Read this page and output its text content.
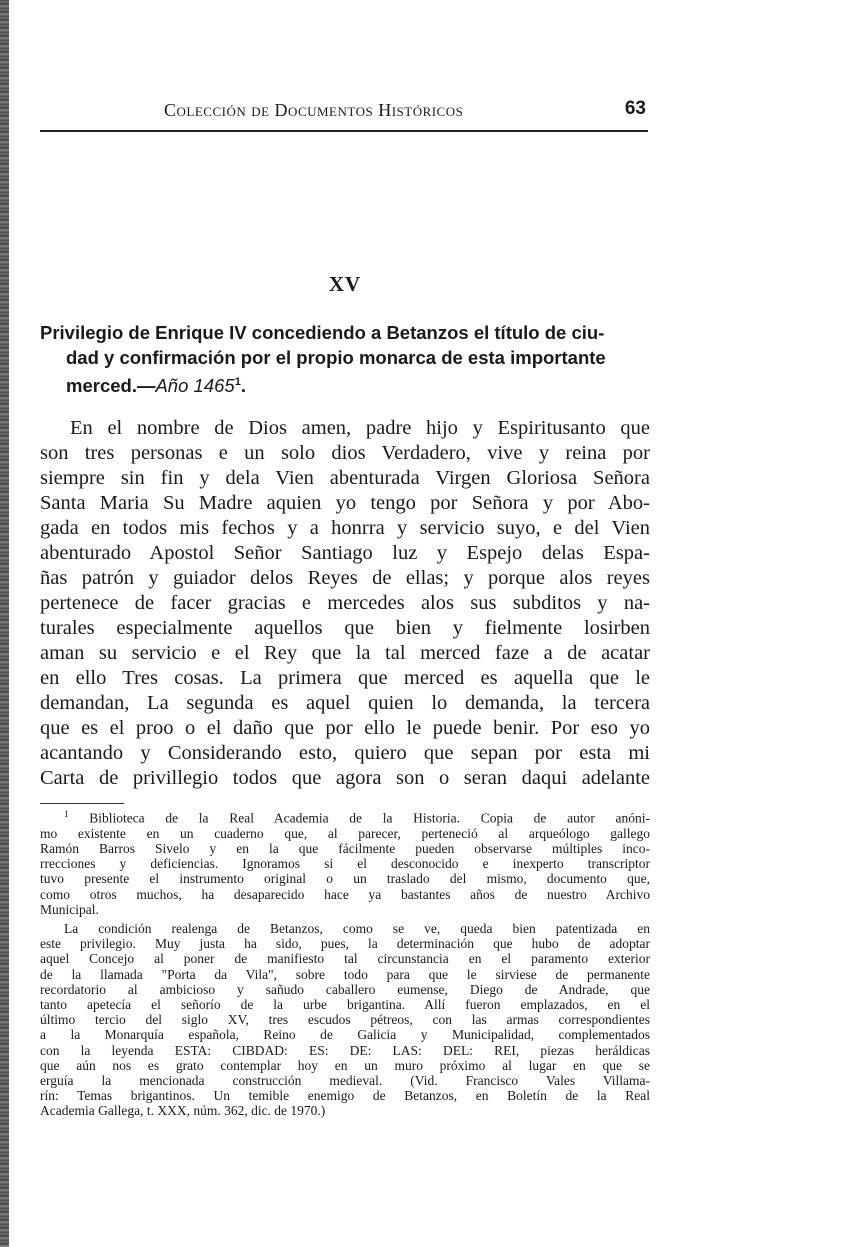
Colección de Documentos Históricos	63
XV
Privilegio de Enrique IV concediendo a Betanzos el título de ciu-
dad y confirmación por el propio monarca de esta importante
merced.—Año 1465$^1$.
En el nombre de Dios amen, padre hijo y Espiritusanto que
son tres personas e un solo dios Verdadero, vive y reina por
siempre sin fin y dela Vien abenturada Virgen Gloriosa Señora
Santa Maria Su Madre aquien yo tengo por Señora y por Abo-
gada en todos mis fechos y a honrra y servicio suyo, e del Vien
abenturado Apostol Señor Santiago luz y Espejo delas Espa-
ñas patrón y guiador delos Reyes de ellas; y porque alos reyes
pertenece de facer gracias e mercedes alos sus subditos y na-
turales especialmente aquellos que bien y fielmente losirben
aman su servicio e el Rey que la tal merced faze a de acatar
en ello Tres cosas. La primera que merced es aquella que le
demandan, La segunda es aquel quien lo demanda, la tercera
que es el proo o el daño que por ello le puede benir. Por eso yo
acantando y Considerando esto, quiero que sepan por esta mi
Carta de privillegio todos que agora son o seran daqui adelante
$^1$ Biblioteca de la Real Academia de la Historia. Copia de autor anóni-
mo existente en un cuaderno que, al parecer, perteneció al arqueólogo gallego
Ramón Barros Sivelo y en la que fácilmente pueden observarse múltiples inco-
rrecciones y deficiencias. Ignoramos si el desconocido e inexperto transcriptor
tuvo presente el instrumento original o un traslado del mismo, documento que,
como otros muchos, ha desaparecido hace ya bastantes años de nuestro Archivo
Municipal.
La condición realenga de Betanzos, como se ve, queda bien patentizada en
este privilegio. Muy justa ha sido, pues, la determinación que hubo de adoptar
aquel Concejo al poner de manifiesto tal circunstancia en el paramento exterior
de la llamada "Porta da Vila", sobre todo para que le sirviese de permanente
recordatorio al ambicioso y sañudo caballero eumense, Diego de Andrade, que
tanto apetecía el señorío de la urbe brigantina. Allí fueron emplazados, en el
último tercio del siglo XV, tres escudos pétreos, con las armas correspondientes
a la Monarquía española, Reino de Galicia y Municipalidad, complementados
con la leyenda ESTA: CIBDAD: ES: DE: LAS: DEL: REI, piezas heráldicas
que aún nos es grato contemplar hoy en un muro próximo al lugar en que se
erguía la mencionada construcción medieval. (Vid. Francisco Vales Villama-
rín: Temas brigantinos. Un temible enemigo de Betanzos, en Boletín de la Real
Academia Gallega, t. XXX, núm. 362, dic. de 1970.)
